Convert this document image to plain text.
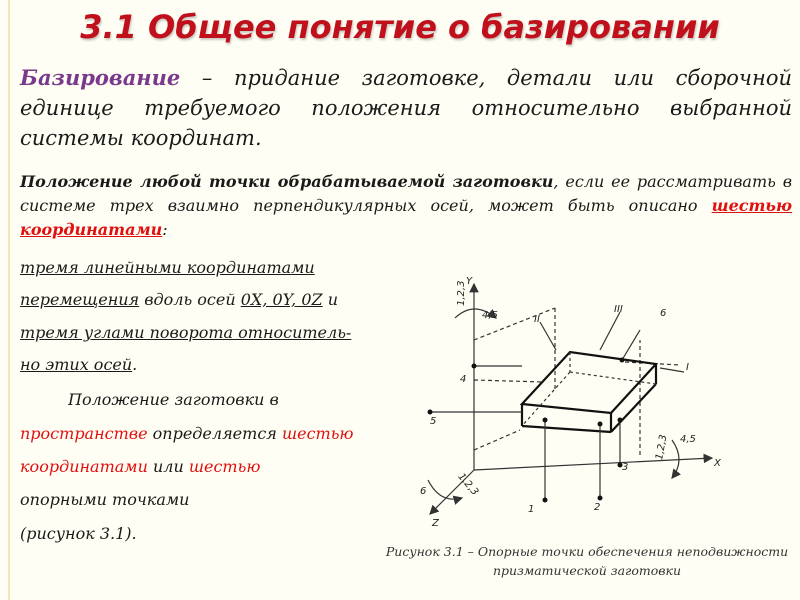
3.1 Общее понятие о базировании

Базирование – придание заготовке, детали или сборочной единице требуемого положения относительно выбранной системы координат.

Положение любой точки обрабатываемой заготовки, если ее рассматривать в системе трех взаимно перпендикулярных осей, может быть описано шестью координатами:

тремя линейными координатами

перемещения вдоль осей 0X, 0Y, 0Z и

тремя углами поворота относитель-

но этих осей.

Положение заготовки в

пространстве определяется шестью

координатами или шестью

опорными точками

(рисунок 3.1).

Y
X
Z
1,2,3
4,5
1,2,3 4,5
1,2,3
6
I
II
III
1	2
3
4
5
6

Рисунок 3.1 – Опорные точки обеспечения неподвижности
призматической заготовки
